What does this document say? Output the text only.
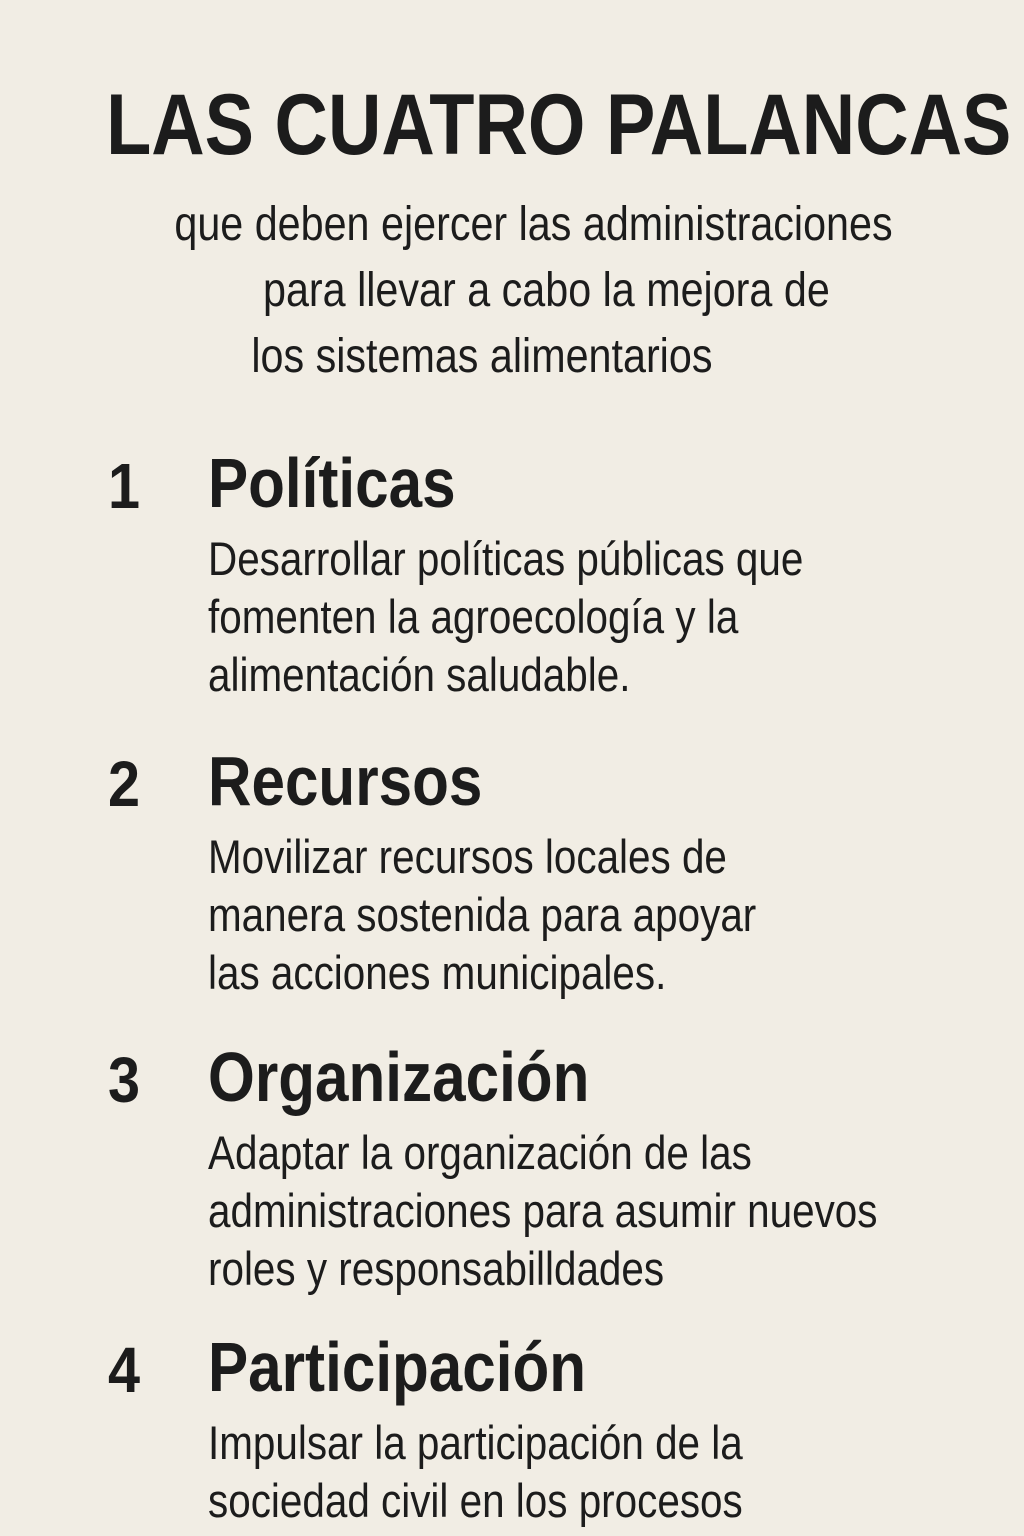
LAS CUATRO PALANCAS
que deben ejercer las administraciones
para llevar a cabo la mejora de
los sistemas alimentarios
1 Políticas
Desarrollar políticas públicas que
fomenten la agroecología y la
alimentación saludable.
2 Recursos
Movilizar recursos locales de
manera sostenida para apoyar
las acciones municipales.
3 Organización
Adaptar la organización de las
administraciones para asumir nuevos
roles y responsabilldades
4 Participación
Impulsar la participación de la
sociedad civil en los procesos
